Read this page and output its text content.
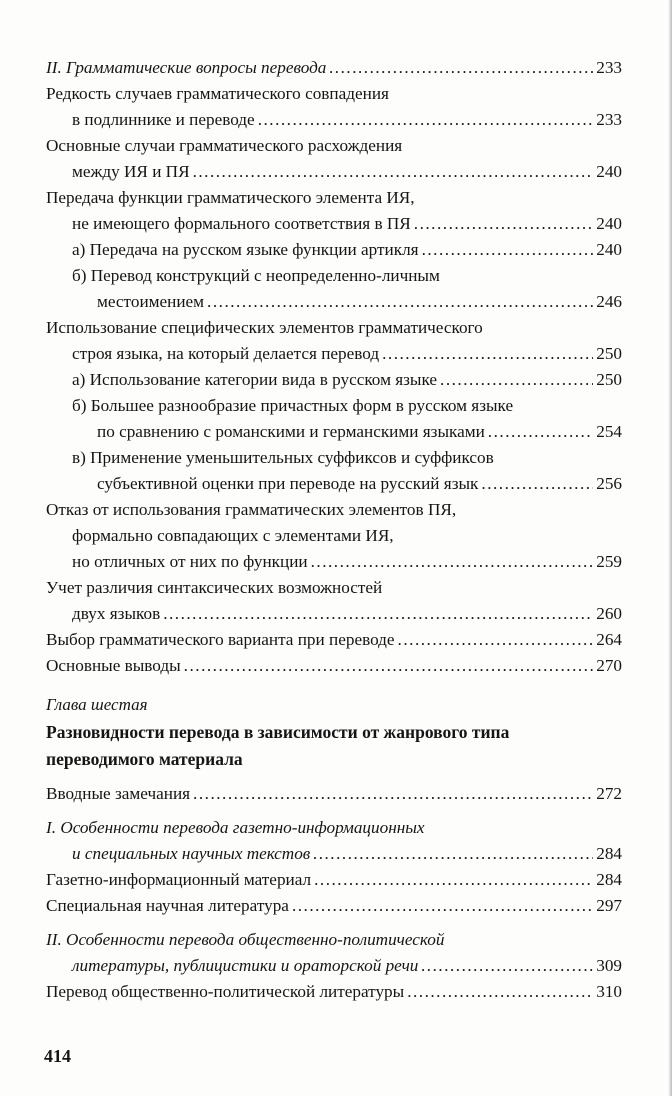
II. Грамматические вопросы перевода .....	233
Редкость случаев грамматического совпадения
в подлиннике и переводе .....	233
Основные случаи грамматического расхождения
между ИЯ и ПЯ .....	240
Передача функции грамматического элемента ИЯ,
не имеющего формального соответствия в ПЯ .....	240
а) Передача на русском языке функции артикля .....	240
б) Перевод конструкций с неопределенно-личным
местоимением .....	246
Использование специфических элементов грамматического
строя языка, на который делается перевод .....	250
а) Использование категории вида в русском языке .....	250
б) Большее разнообразие причастных форм в русском языке
по сравнению с романскими и германскими языками .....	254
в) Применение уменьшительных суффиксов и суффиксов
субъективной оценки при переводе на русский язык .....	256
Отказ от использования грамматических элементов ПЯ,
формально совпадающих с элементами ИЯ,
но отличных от них по функции .....	259
Учет различия синтаксических возможностей
двух языков .....	260
Выбор грамматического варианта при переводе .....	264
Основные выводы .....	270
Глава шестая
Разновидности перевода в зависимости от жанрового типа переводимого материала
Вводные замечания .....	272
I. Особенности перевода газетно-информационных
и специальных научных текстов .....	284
Газетно-информационный материал .....	284
Специальная научная литература .....	297
II. Особенности перевода общественно-политической
литературы, публицистики и ораторской речи .....	309
Перевод общественно-политической литературы .....	310
414
